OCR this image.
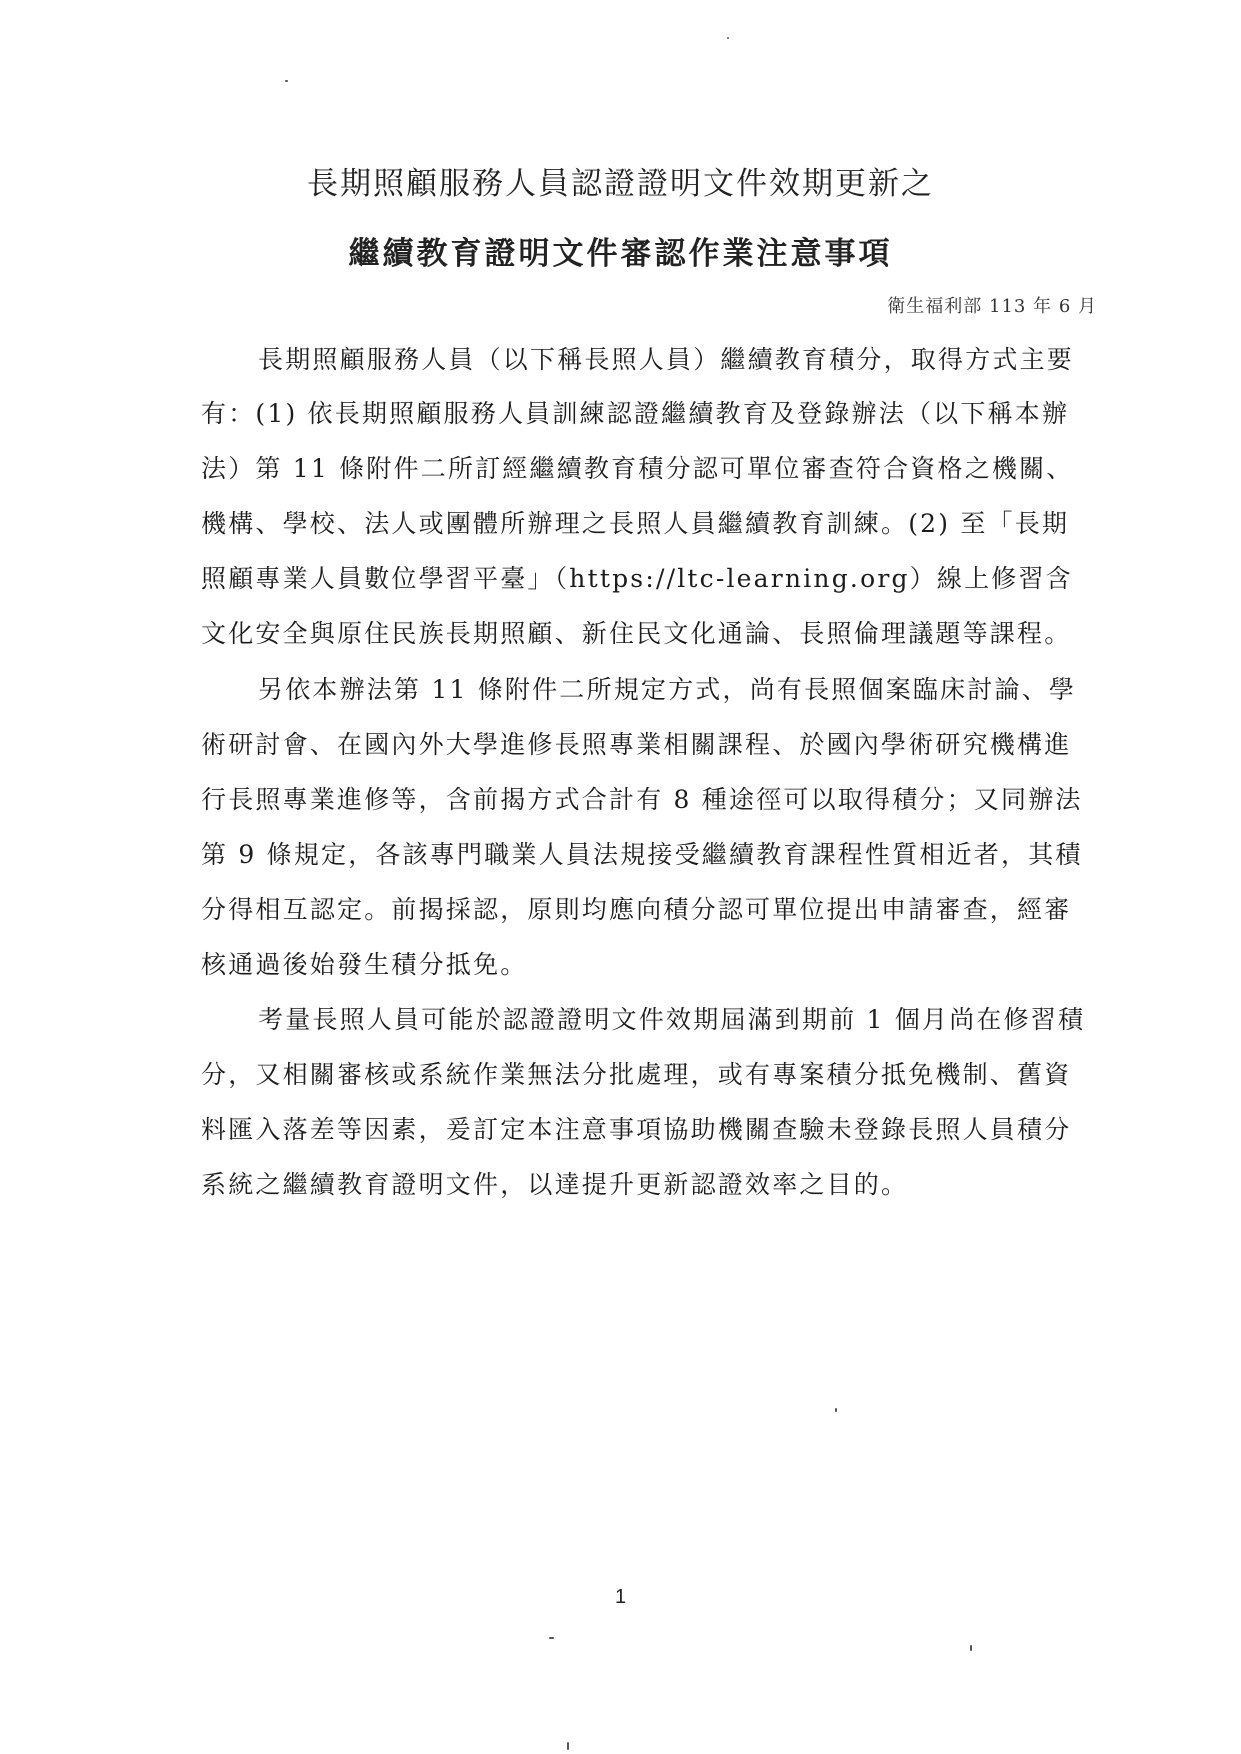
長期照顧服務人員認證證明文件效期更新之
繼續教育證明文件審認作業注意事項
衛生福利部 113 年 6 月
長期照顧服務人員（以下稱長照人員）繼續教育積分，取得方式主要
有：(1) 依長期照顧服務人員訓練認證繼續教育及登錄辦法（以下稱本辦
法）第 11 條附件二所訂經繼續教育積分認可單位審查符合資格之機關、
機構、學校、法人或團體所辦理之長照人員繼續教育訓練。(2) 至「長期
照顧專業人員數位學習平臺」（https://ltc-learning.org）線上修習含
文化安全與原住民族長期照顧、新住民文化通論、長照倫理議題等課程。
另依本辦法第 11 條附件二所規定方式，尚有長照個案臨床討論、學
術研討會、在國內外大學進修長照專業相關課程、於國內學術研究機構進
行長照專業進修等，含前揭方式合計有 8 種途徑可以取得積分；又同辦法
第 9 條規定，各該專門職業人員法規接受繼續教育課程性質相近者，其積
分得相互認定。前揭採認，原則均應向積分認可單位提出申請審查，經審
核通過後始發生積分抵免。
考量長照人員可能於認證證明文件效期屆滿到期前 1 個月尚在修習積
分，又相關審核或系統作業無法分批處理，或有專案積分抵免機制、舊資
料匯入落差等因素，爰訂定本注意事項協助機關查驗未登錄長照人員積分
系統之繼續教育證明文件，以達提升更新認證效率之目的。
1
